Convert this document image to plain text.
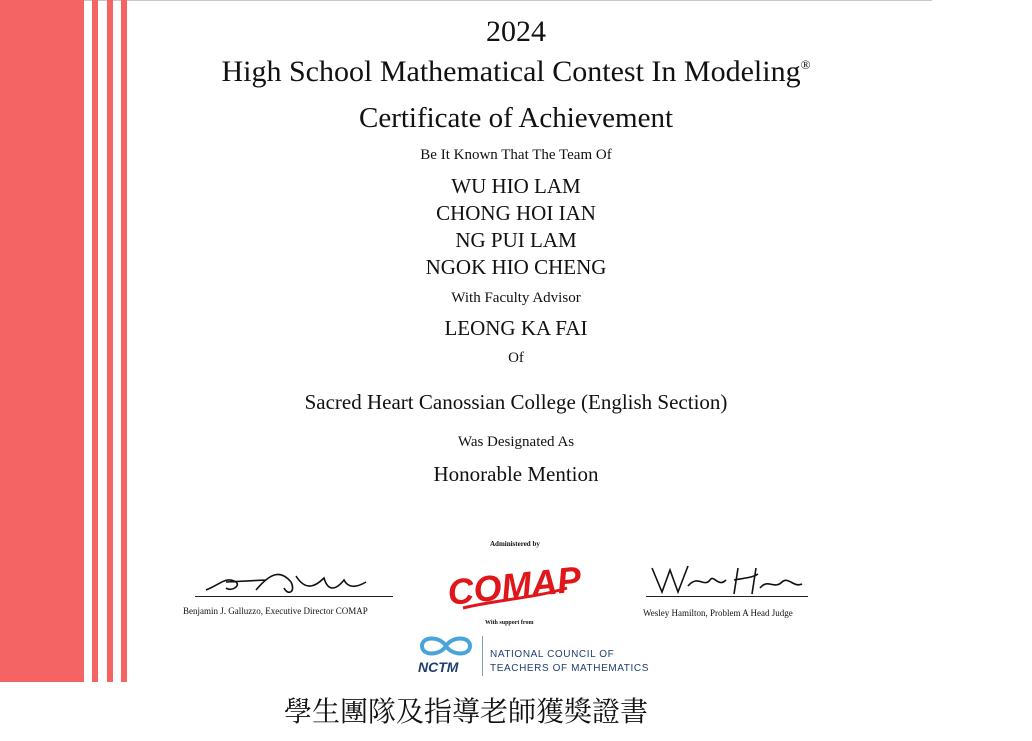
2024
High School Mathematical Contest In Modeling®
Certificate of Achievement
Be It Known That The Team Of
WU HIO LAM
CHONG HOI IAN
NG PUI LAM
NGOK HIO CHENG
With Faculty Advisor
LEONG KA FAI
Of
Sacred Heart Canossian College (English Section)
Was Designated As
Honorable Mention
Benjamin J. Galluzzo, Executive Director COMAP	Wesley Hamilton, Problem A Head Judge
Administered by
COMAP
With support from
NCTM
NATIONAL COUNCIL OF
TEACHERS OF MATHEMATICS
學生團隊及指導老師獲獎證書
